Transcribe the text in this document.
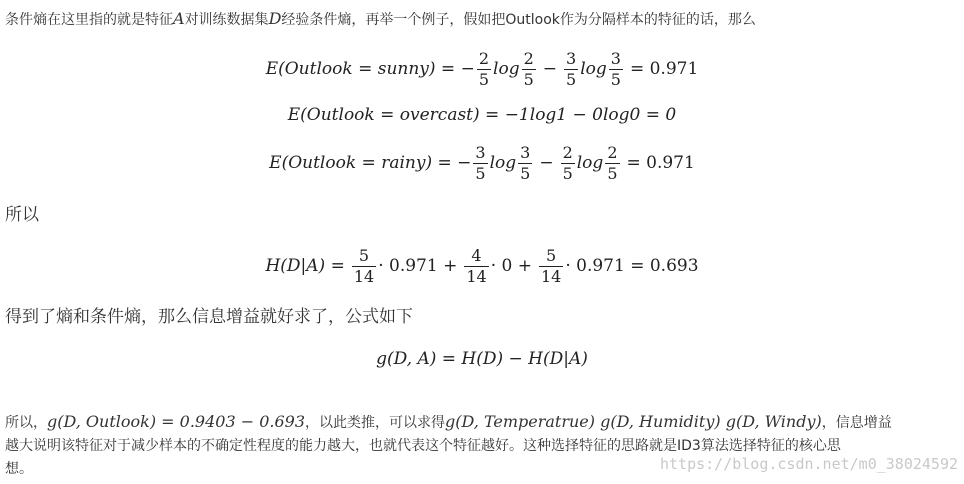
条件熵在这里指的就是特征A对训练数据集D经验条件熵，再举一个例子，假如把Outlook作为分隔样本的特征的话，那么
E(Outlook = sunny) = − $\frac{2}{5}$ $\log \frac{2}{5} - \frac{3}{5}$ $\log \frac{3}{5} = 0.971$
E(Outlook = overcast) = −1log1 − 0log0 = 0
E(Outlook = rainy) = − $\frac{3}{5}$ $\log \frac{3}{5} - \frac{2}{5}$ $\log \frac{2}{5} = 0.971$
所以
$H(D|A) = \frac{5}{14} \cdot 0.971 + \frac{4}{14} \cdot 0 + \frac{5}{14} \cdot 0.971 = 0.693$
得到了熵和条件熵，那么信息增益就好求了，公式如下
g(D, A) = H(D) − H(D|A)
所以，g(D, Outlook) = 0.9403 − 0.693，以此类推，可以求得g(D, Temperatrue) g(D, Humidity) g(D, Windy)，信息增益
越大说明该特征对于减少样本的不确定性程度的能力越大，也就代表这个特征越好。这种选择特征的思路就是ID3算法选择特征的核心思
想。	https://blog.csdn.net/m0_38024592
